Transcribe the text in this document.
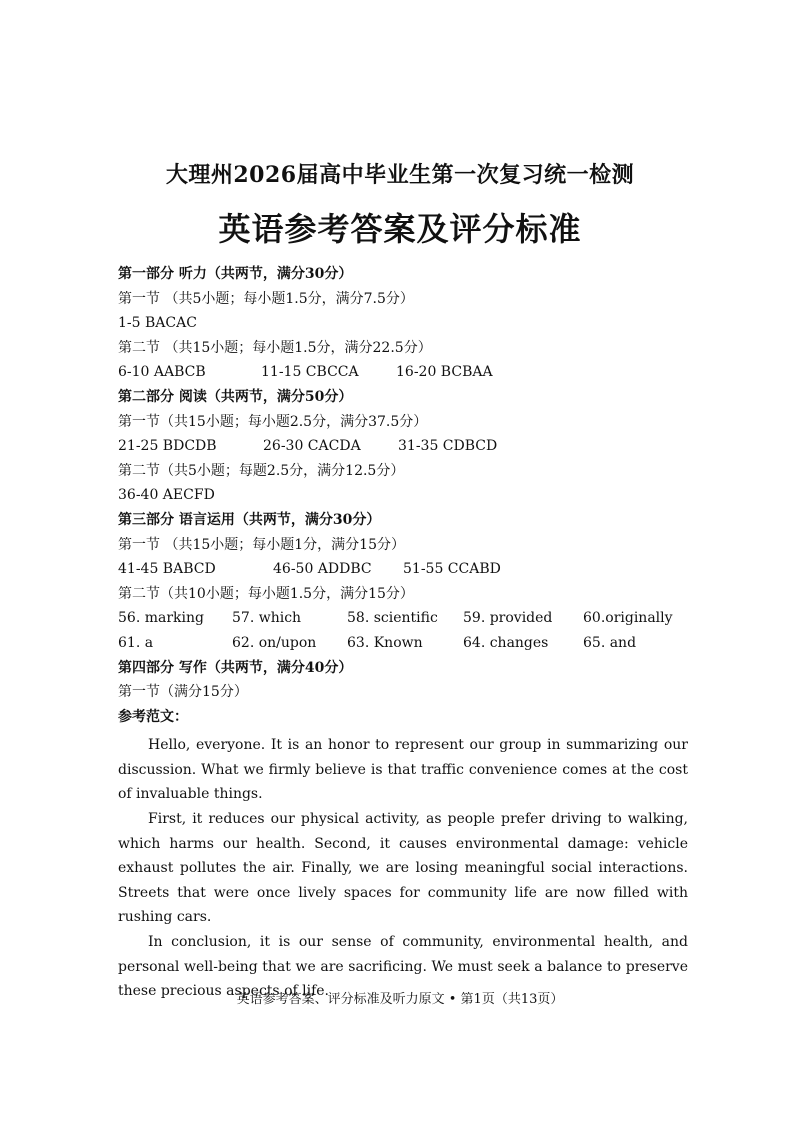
大理州2026届高中毕业生第一次复习统一检测
英语参考答案及评分标准
第一部分 听力（共两节，满分30分）
第一节 （共5小题；每小题1.5分，满分7.5分）
1-5 BACAC
第二节 （共15小题；每小题1.5分，满分22.5分）
6-10 AABCB	11-15 CBCCA	16-20 BCBAA
第二部分 阅读（共两节，满分50分）
第一节（共15小题；每小题2.5分，满分37.5分）
21-25 BDCDB	26-30 CACDA	31-35 CDBCD
第二节（共5小题；每题2.5分，满分12.5分）
36-40 AECFD
第三部分 语言运用（共两节，满分30分）
第一节 （共15小题；每小题1分，满分15分）
41-45 BABCD	46-50 ADDBC 51-55 CCABD
第二节（共10小题；每小题1.5分，满分15分）
56. marking 57. which	58. scientific 59. provided 60.originally
61. a	62. on/upon 63. Known	64. changes 65. and
第四部分 写作（共两节，满分40分）
第一节（满分15分）
参考范文：

Hello, everyone. It is an honor to represent our group in summarizing our discussion. What we firmly believe is that traffic convenience comes at the cost of invaluable things.

First, it reduces our physical activity, as people prefer driving to walking, which harms our health. Second, it causes environmental damage: vehicle exhaust pollutes the air. Finally, we are losing meaningful social interactions. Streets that were once lively spaces for community life are now filled with rushing cars.

In conclusion, it is our sense of community, environmental health, and personal well-being that we are sacrificing. We must seek a balance to preserve these precious aspects of life.

英语参考答案、评分标准及听力原文 • 第1页（共13页）
